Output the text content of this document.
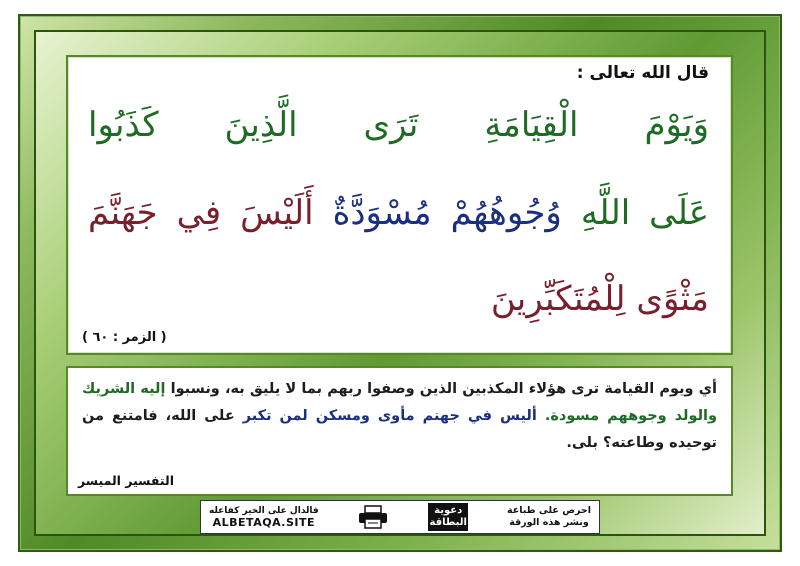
قال الله تعالى :
وَيَوْمَ الْقِيَامَةِ تَرَى الَّذِينَ كَذَبُوا
عَلَى اللَّهِ وُجُوهُهُمْ مُسْوَدَّةٌ أَلَيْسَ فِي جَهَنَّمَ
مَثْوًى لِلْمُتَكَبِّرِينَ
( الزمر : ٦٠ )
أي ويوم القيامة ترى هؤلاء المكذبين الذين وصفوا ربهم بما لا يليق به، ونسبوا إليه الشريك والولد وجوههم مسودة. أليس في جهنم مأوى ومسكن لمن تكبر على الله، فامتنع من توحيده وطاعته؟ بلى.
التفسير الميسر
فالدال على الخير كفاعله
ALBETAQA.SITE
دعوية
البطاقة
احرص على طباعة
ونشر هذه الورقة
